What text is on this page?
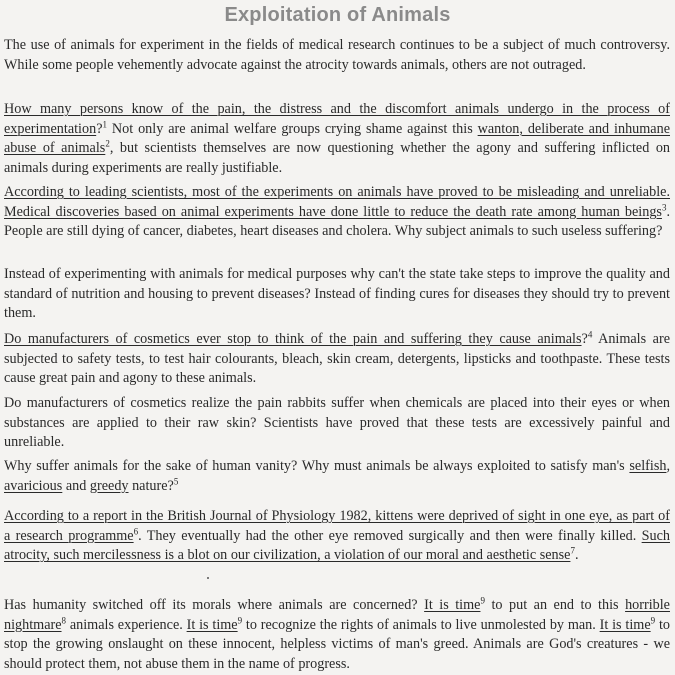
Exploitation of Animals

The use of animals for experiment in the fields of medical research continues to be a subject of much controversy. While some people vehemently advocate against the atrocity towards animals, others are not outraged.

How many persons know of the pain, the distress and the discomfort animals undergo in the process of experimentation?$^1$ Not only are animal welfare groups crying shame against this wanton, deliberate and inhumane abuse of animals$^2$, but scientists themselves are now questioning whether the agony and suffering inflicted on animals during experiments are really justifiable.

According to leading scientists, most of the experiments on animals have proved to be misleading and unreliable. Medical discoveries based on animal experiments have done little to reduce the death rate among human beings$^3$. People are still dying of cancer, diabetes, heart diseases and cholera. Why subject animals to such useless suffering?

Instead of experimenting with animals for medical purposes why can't the state take steps to improve the quality and standard of nutrition and housing to prevent diseases? Instead of finding cures for diseases they should try to prevent them.

Do manufacturers of cosmetics ever stop to think of the pain and suffering they cause animals?$^4$ Animals are subjected to safety tests, to test hair colourants, bleach, skin cream, detergents, lipsticks and toothpaste. These tests cause great pain and agony to these animals.

Do manufacturers of cosmetics realize the pain rabbits suffer when chemicals are placed into their eyes or when substances are applied to their raw skin? Scientists have proved that these tests are excessively painful and unreliable.

Why suffer animals for the sake of human vanity? Why must animals be always exploited to satisfy man's selfish, avaricious and greedy nature?$^5$

According to a report in the British Journal of Physiology 1982, kittens were deprived of sight in one eye, as part of a research programme$^6$. They eventually had the other eye removed surgically and then were finally killed. Such atrocity, such mercilessness is a blot on our civilization, a violation of our moral and aesthetic sense$^7$.

Has humanity switched off its morals where animals are concerned? It is time$^9$ to put an end to this horrible nightmare$^8$ animals experience. It is time$^9$ to recognize the rights of animals to live unmolested by man. It is time$^9$ to stop the growing onslaught on these innocent, helpless victims of man's greed. Animals are God's creatures - we should protect them, not abuse them in the name of progress.
